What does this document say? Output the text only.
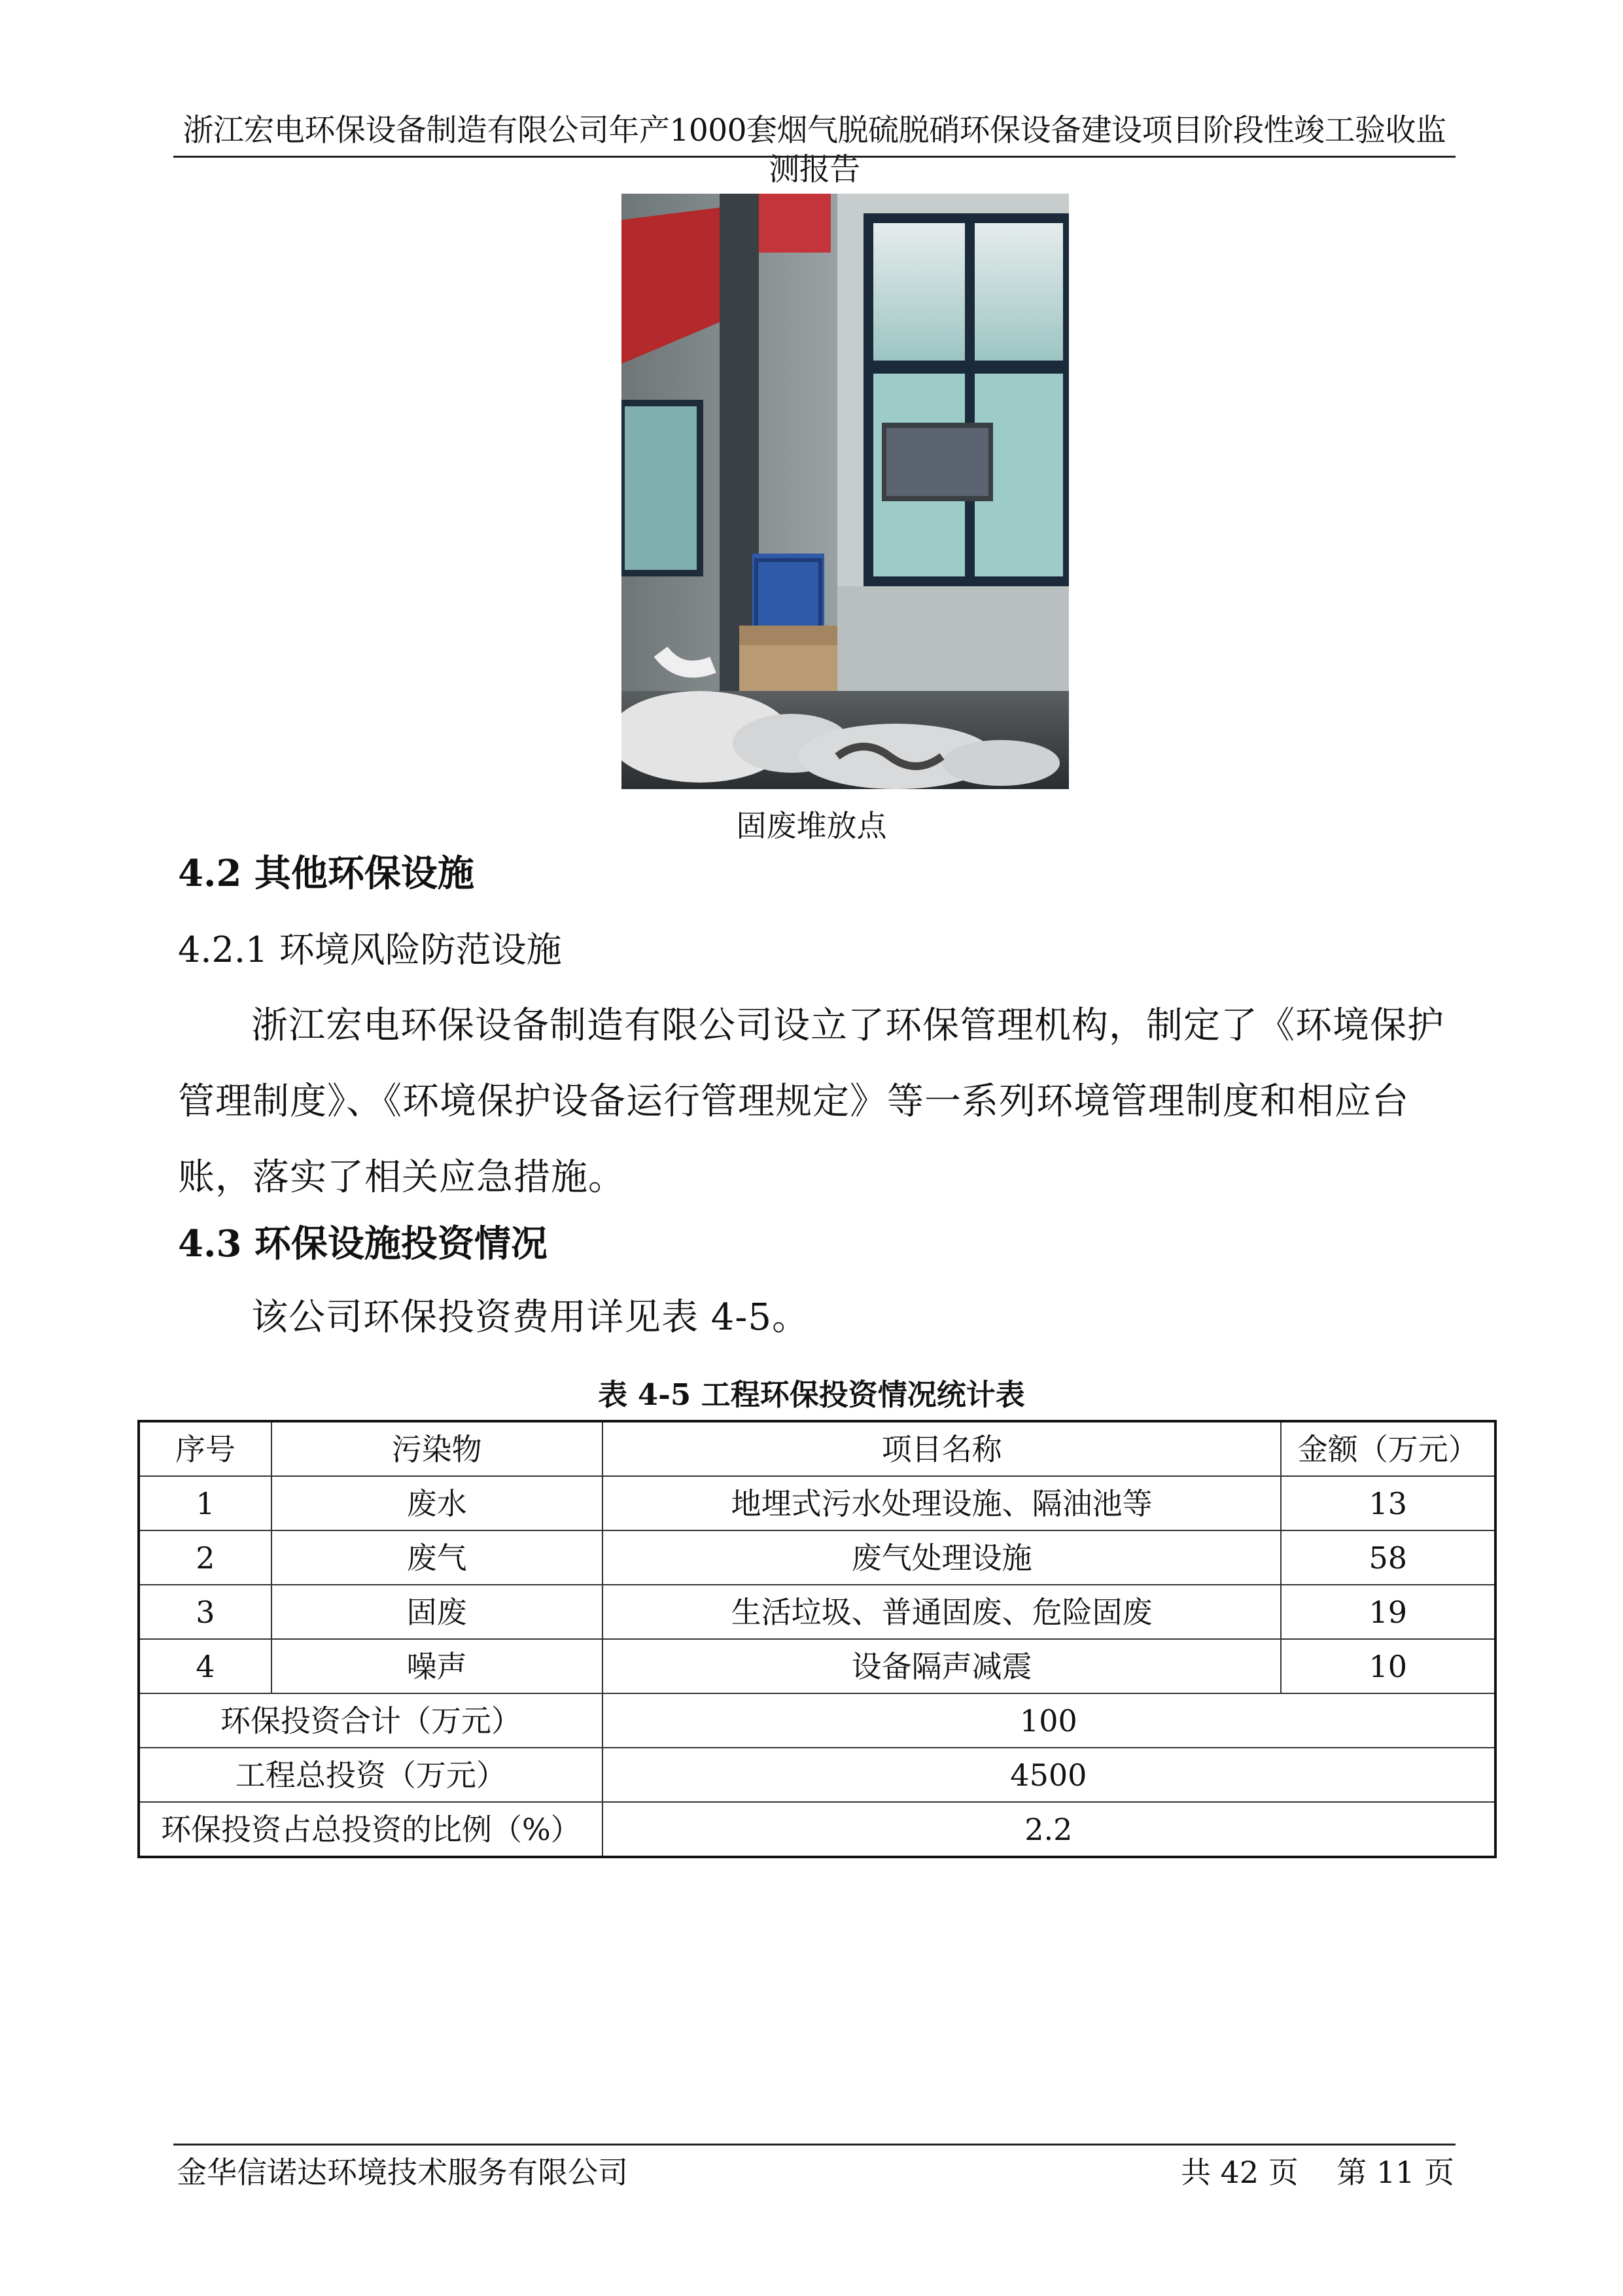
浙江宏电环保设备制造有限公司年产1000套烟气脱硫脱硝环保设备建设项目阶段性竣工验收监测报告
固废堆放点
4.2 其他环保设施
4.2.1 环境风险防范设施
浙江宏电环保设备制造有限公司设立了环保管理机构，制定了《环境保护管理制度》、《环境保护设备运行管理规定》等一系列环境管理制度和相应台账，落实了相关应急措施。
4.3 环保设施投资情况
该公司环保投资费用详见表 4-5。
表 4-5 工程环保投资情况统计表
序号	污染物	项目名称	金额（万元）
1	废水	地埋式污水处理设施、隔油池等	13
2	废气	废气处理设施	58
3	固废	生活垃圾、普通固废、危险固废	19
4	噪声	设备隔声减震	10
环保投资合计（万元）		100	
工程总投资（万元）		4500	
环保投资占总投资的比例（%）		2.2	
金华信诺达环境技术服务有限公司	共 42 页    第 11 页
